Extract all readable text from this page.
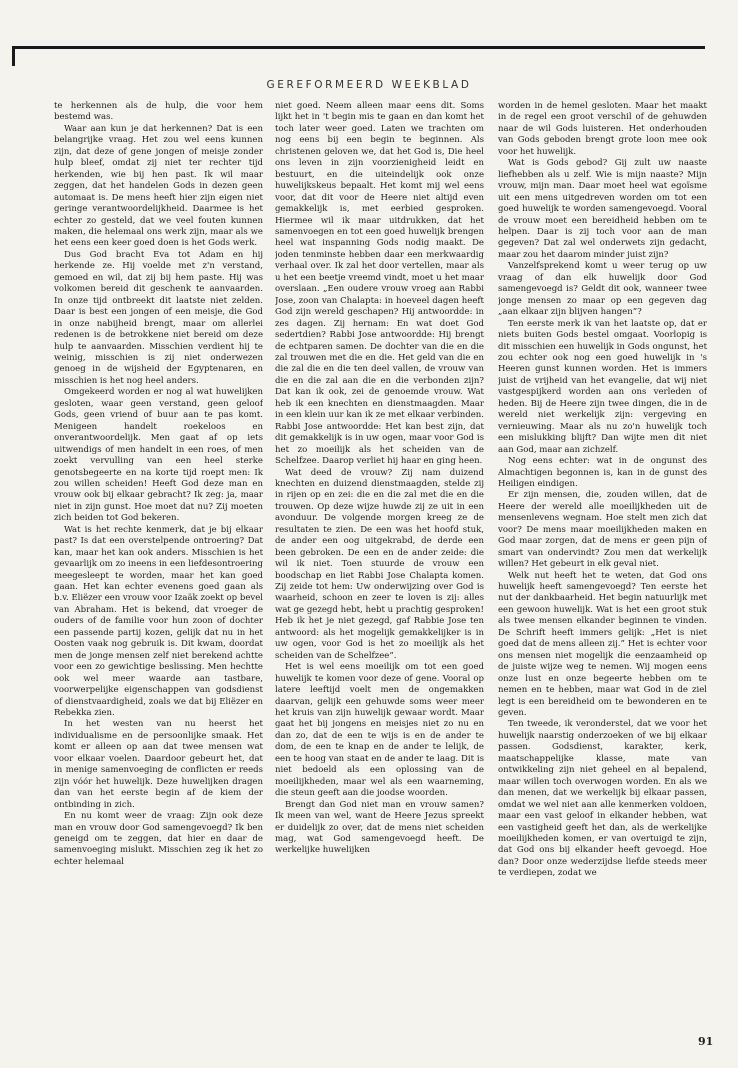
GEREFORMEERD WEEKBLAD

te herkennen als de hulp, die voor hem bestemd was.

Waar aan kun je dat herkennen? Dat is een belangrijke vraag. Het zou wel eens kunnen zijn, dat deze of gene jongen of meisje zonder hulp bleef, omdat zij niet ter rechter tijd herkenden, wie bij hen past. Ik wil maar zeggen, dat het handelen Gods in dezen geen automaat is. De mens heeft hier zijn eigen niet geringe verantwoordelijkheid. Daarmee is het echter zo gesteld, dat we veel fouten kunnen maken, die helemaal ons werk zijn, maar als we het eens een keer goed doen is het Gods werk.

Dus God bracht Eva tot Adam en hij herkende ze. Hij voelde met z'n verstand, gemoed en wil, dat zij bij hem paste. Hij was volkomen bereid dit geschenk te aanvaarden. In onze tijd ontbreekt dit laatste niet zelden. Daar is best een jongen of een meisje, die God in onze nabijheid brengt, maar om allerlei redenen is de betrokkene niet bereid om deze hulp te aanvaarden. Misschien verdient hij te weinig, misschien is zij niet onderwezen genoeg in de wijsheid der Egyptenaren, en misschien is het nog heel anders.

Omgekeerd worden er nog al wat huwelijken gesloten, waar geen verstand, geen geloof Gods, geen vriend of buur aan te pas komt. Menigeen handelt roekeloos en onverantwoordelijk. Men gaat af op iets uitwendigs of men handelt in een roes, of men zoekt vervulling van een heel sterke genotsbegeerte en na korte tijd roept men: Ik zou willen scheiden! Heeft God deze man en vrouw ook bij elkaar gebracht? Ik zeg: ja, maar niet in zijn gunst. Hoe moet dat nu? Zij moeten zich beiden tot God bekeren.

Wat is het rechte kenmerk, dat je bij elkaar past? Is dat een overstelpende ontroering? Dat kan, maar het kan ook anders. Misschien is het gevaarlijk om zo ineens in een liefdesontroering meegesleept te worden, maar het kan goed gaan. Het kan echter evenens goed gaan als b.v. Eliëzer een vrouw voor Izaäk zoekt op bevel van Abraham. Het is bekend, dat vroeger de ouders of de familie voor hun zoon of dochter een passende partij kozen, gelijk dat nu in het Oosten vaak nog gebruik is. Dit kwam, doordat men de jonge mensen zelf niet berekend achtte voor een zo gewichtige beslissing. Men hechtte ook wel meer waarde aan tastbare, voorwerpelijke eigenschappen van godsdienst of dienstvaardigheid, zoals we dat bij Eliëzer en Rebekka zien.

In het westen van nu heerst het individualisme en de persoonlijke smaak. Het komt er alleen op aan dat twee mensen wat voor elkaar voelen. Daardoor gebeurt het, dat in menige samenvoeging de conflicten er reeds zijn vóór het huwelijk. Deze huwelijken dragen dan van het eerste begin af de kiem der ontbinding in zich.

En nu komt weer de vraag: Zijn ook deze man en vrouw door God samengevoegd? Ik ben geneigd om te zeggen, dat hier en daar de samenvoeging mislukt. Misschien zeg ik het zo echter helemaal

niet goed. Neem alleen maar eens dit. Soms lijkt het in 't begin mis te gaan en dan komt het toch later weer goed. Laten we trachten om nog eens bij een begin te beginnen. Als christenen geloven we, dat het God is, Die heel ons leven in zijn voorzienigheid leidt en bestuurt, en die uiteindelijk ook onze huwelijkskeus bepaalt. Het komt mij wel eens voor, dat dit voor de Heere niet altijd even gemakkelijk is, met eerbied gesproken. Hiermee wil ik maar uitdrukken, dat het samenvoegen en tot een goed huwelijk brengen heel wat inspanning Gods nodig maakt. De joden tenminste hebben daar een merkwaardig verhaal over. Ik zal het door vertellen, maar als u het een beetje vreemd vindt, moet u het maar overslaan. „Een oudere vrouw vroeg aan Rabbi Jose, zoon van Chalapta: in hoeveel dagen heeft God zijn wereld geschapen? Hij antwoordde: in zes dagen. Zij hernam: En wat doet God sedertdien? Rabbi Jose antwoordde: Hij brengt de echtparen samen. De dochter van die en die zal trouwen met die en die. Het geld van die en die zal die en die ten deel vallen, de vrouw van die en die zal aan die en die verbonden zijn? Dat kan ik ook, zei de genoemde vrouw. Wat heb ik een knechten en dienstmaagden. Maar in een klein uur kan ik ze met elkaar verbinden. Rabbi Jose antwoordde: Het kan best zijn, dat dit gemakkelijk is in uw ogen, maar voor God is het zo moeilijk als het scheiden van de Schelfzee. Daarop verliet hij haar en ging heen.

Wat deed de vrouw? Zij nam duizend knechten en duizend dienstmaagden, stelde zij in rijen op en zei: die en die zal met die en die trouwen. Op deze wijze huwde zij ze uit in een avonduur. De volgende morgen kreeg ze de resultaten te zien. De een was het hoofd stuk, de ander een oog uitgekrabd, de derde een been gebroken. De een en de ander zeide: die wil ik niet. Toen stuurde de vrouw een boodschap en liet Rabbi Jose Chalapta komen. Zij zeide tot hem: Uw onderwijzing over God is waarheid, schoon en zeer te loven is zij: alles wat ge gezegd hebt, hebt u prachtig gesproken! Heb ik het je niet gezegd, gaf Rabbie Jose ten antwoord: als het mogelijk gemakkelijker is in uw ogen, voor God is het zo moeilijk als het scheiden van de Schelfzee”.

Het is wel eens moeilijk om tot een goed huwelijk te komen voor deze of gene. Vooral op latere leeftijd voelt men de ongemakken daarvan, gelijk een gehuwde soms weer meer het kruis van zijn huwelijk gewaar wordt. Maar gaat het bij jongens en meisjes niet zo nu en dan zo, dat de een te wijs is en de ander te dom, de een te knap en de ander te lelijk, de een te hoog van staat en de ander te laag. Dit is niet bedoeld als een oplossing van de moeilijkheden, maar wel als een waarneming, die steun geeft aan die joodse woorden.

Brengt dan God niet man en vrouw samen? Ik meen van wel, want de Heere Jezus spreekt er duidelijk zo over, dat de mens niet scheiden mag, wat God samengevoegd heeft. De werkelijke huwelijken

worden in de hemel gesloten. Maar het maakt in de regel een groot verschil of de gehuwden naar de wil Gods luisteren. Het onderhouden van Gods geboden brengt grote loon mee ook voor het huwelijk.

Wat is Gods gebod? Gij zult uw naaste liefhebben als u zelf. Wie is mijn naaste? Mijn vrouw, mijn man. Daar moet heel wat egoïsme uit een mens uitgedreven worden om tot een goed huwelijk te worden samengevoegd. Vooral de vrouw moet een bereidheid hebben om te helpen. Daar is zij toch voor aan de man gegeven? Dat zal wel onderwets zijn gedacht, maar zou het daarom minder juist zijn?

Vanzelfsprekend komt u weer terug op uw vraag of dan elk huwelijk door God samengevoegd is? Geldt dit ook, wanneer twee jonge mensen zo maar op een gegeven dag „aan elkaar zijn blijven hangen”?

Ten eerste merk ik van het laatste op, dat er niets buiten Gods bestel omgaat. Voorlopig is dit misschien een huwelijk in Gods ongunst, het zou echter ook nog een goed huwelijk in 's Heeren gunst kunnen worden. Het is immers juist de vrijheid van het evangelie, dat wij niet vastgespijkerd worden aan ons verleden of heden. Bij de Heere zijn twee dingen, die in de wereld niet werkelijk zijn: vergeving en vernieuwing. Maar als nu zo'n huwelijk toch een mislukking blijft? Dan wijte men dit niet aan God, maar aan zichzelf.

Nog eens echter: wat in de ongunst des Almachtigen begonnen is, kan in de gunst des Heiligen eindigen.

Er zijn mensen, die, zouden willen, dat de Heere der wereld alle moeilijkheden uit de mensenlevens wegnam. Hoe stelt men zich dat voor? De mens maar moeilijkheden maken en God maar zorgen, dat de mens er geen pijn of smart van ondervindt? Zou men dat werkelijk willen? Het gebeurt in elk geval niet.

Welk nut heeft het te weten, dat God ons huwelijk heeft samengevoegd? Ten eerste het nut der dankbaarheid. Het begin natuurlijk met een gewoon huwelijk. Wat is het een groot stuk als twee mensen elkander beginnen te vinden. De Schrift heeft immers gelijk: „Het is niet goed dat de mens alleen zij.” Het is echter voor ons mensen niet mogelijk die eenzaamheid op de juiste wijze weg te nemen. Wij mogen eens onze lust en onze begeerte hebben om te nemen en te hebben, maar wat God in de ziel legt is een bereidheid om te bewonderen en te geven.

Ten tweede, ik veronderstel, dat we voor het huwelijk naarstig onderzoeken of we bij elkaar passen. Godsdienst, karakter, kerk, maatschappelijke klasse, mate van ontwikkeling zijn niet geheel en al bepalend, maar willen toch overwogen worden. En als we dan menen, dat we werkelijk bij elkaar passen, omdat we wel niet aan alle kenmerken voldoen, maar een vast geloof in elkander hebben, wat een vastigheid geeft het dan, als de werkelijke moeilijkheden komen, er van overtuigd te zijn, dat God ons bij elkander heeft gevoegd. Hoe dan? Door onze wederzijdse liefde steeds meer te verdiepen, zodat we

91
